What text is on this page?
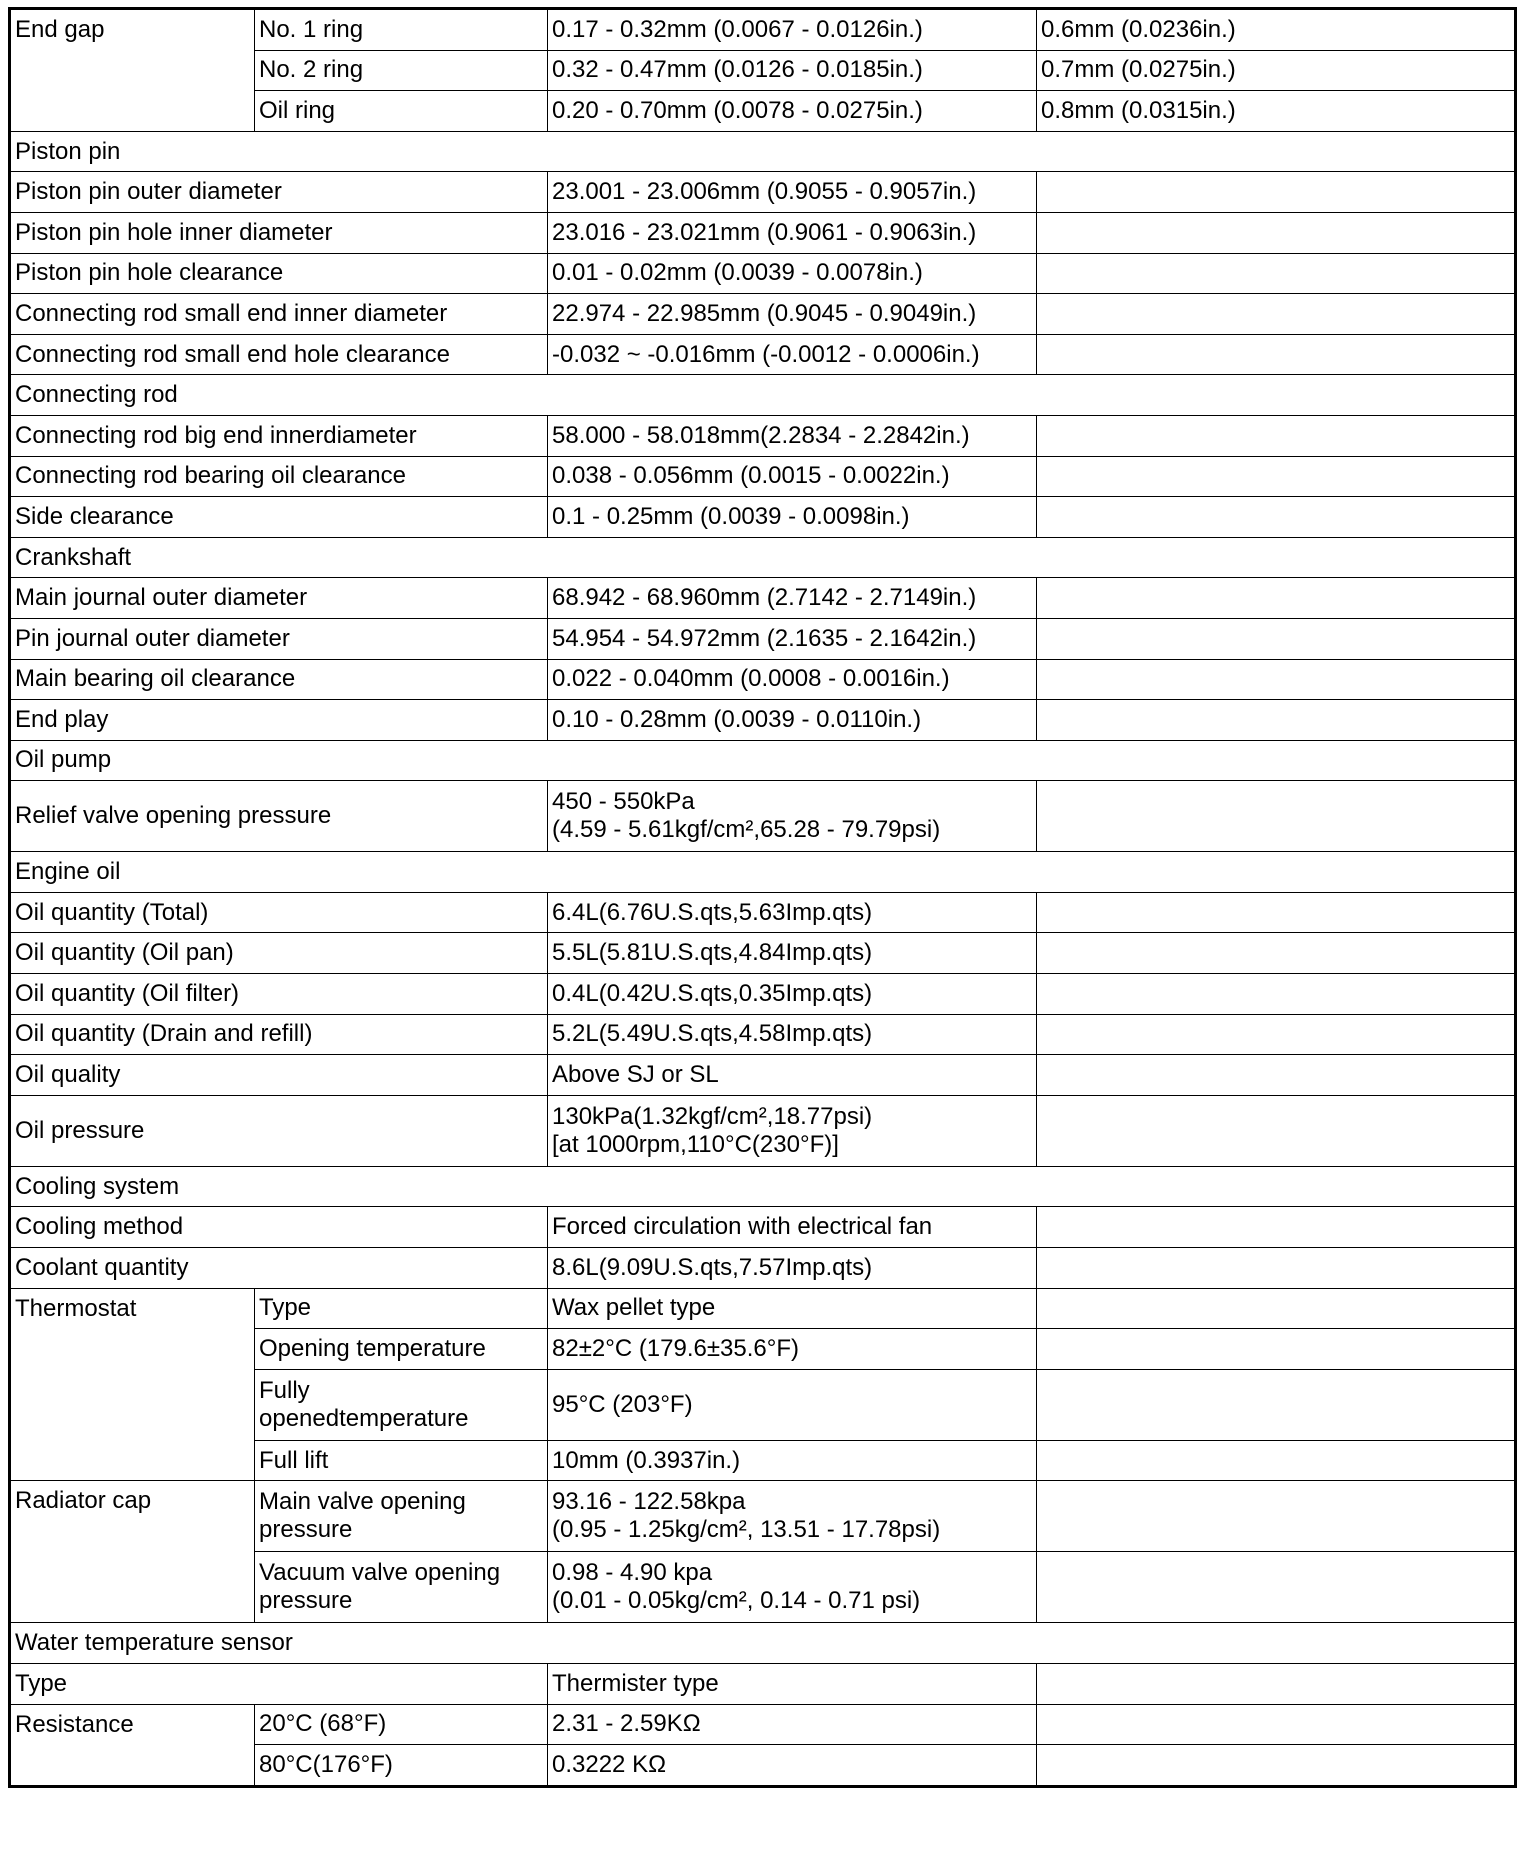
End gap	No. 1 ring	0.17 - 0.32mm (0.0067 - 0.0126in.)	0.6mm (0.0236in.)
	No. 2 ring	0.32 - 0.47mm (0.0126 - 0.0185in.)	0.7mm (0.0275in.)
	Oil ring	0.20 - 0.70mm (0.0078 - 0.0275in.)	0.8mm (0.0315in.)
Piston pin			
Piston pin outer diameter		23.001 - 23.006mm (0.9055 - 0.9057in.)	
Piston pin hole inner diameter		23.016 - 23.021mm (0.9061 - 0.9063in.)	
Piston pin hole clearance		0.01 - 0.02mm (0.0039 - 0.0078in.)	
Connecting rod small end inner diameter		22.974 - 22.985mm (0.9045 - 0.9049in.)	
Connecting rod small end hole clearance		-0.032 ~ -0.016mm (-0.0012 - 0.0006in.)	
Connecting rod			
Connecting rod big end innerdiameter		58.000 - 58.018mm(2.2834 - 2.2842in.)	
Connecting rod bearing oil clearance		0.038 - 0.056mm (0.0015 - 0.0022in.)	
Side clearance		0.1 - 0.25mm (0.0039 - 0.0098in.)	
Crankshaft			
Main journal outer diameter		68.942 - 68.960mm (2.7142 - 2.7149in.)	
Pin journal outer diameter		54.954 - 54.972mm (2.1635 - 2.1642in.)	
Main bearing oil clearance		0.022 - 0.040mm (0.0008 - 0.0016in.)	
End play		0.10 - 0.28mm (0.0039 - 0.0110in.)	
Oil pump			
Relief valve opening pressure		450 - 550kPa
(4.59 - 5.61kgf/cm²,65.28 - 79.79psi)	

Engine oil			
Oil quantity (Total)		6.4L(6.76U.S.qts,5.63Imp.qts)	
Oil quantity (Oil pan)		5.5L(5.81U.S.qts,4.84Imp.qts)	
Oil quantity (Oil filter)		0.4L(0.42U.S.qts,0.35Imp.qts)	
Oil quantity (Drain and refill)		5.2L(5.49U.S.qts,4.58Imp.qts)	
Oil quality		Above SJ or SL	
Oil pressure		130kPa(1.32kgf/cm²,18.77psi)
[at 1000rpm,110°C(230°F)]	

Cooling system			
Cooling method		Forced circulation with electrical fan	
Coolant quantity		8.6L(9.09U.S.qts,7.57Imp.qts)	
Thermostat	Type	Wax pellet type	
	Opening temperature	82±2°C (179.6±35.6°F)	

	Fully
openedtemperature	95°C (203°F)	
	Full lift	10mm (0.3937in.)	
Radiator cap	Main valve opening
pressure	93.16 - 122.58kpa
(0.95 - 1.25kg/cm², 13.51 - 17.78psi)	

	Vacuum valve opening
pressure	0.98 - 4.90 kpa
(0.01 - 0.05kg/cm², 0.14 - 0.71 psi)	

Water temperature sensor			
Type		Thermister type	
Resistance	20°C (68°F)	2.31 - 2.59KΩ	
	80°C(176°F)	0.3222 KΩ	
